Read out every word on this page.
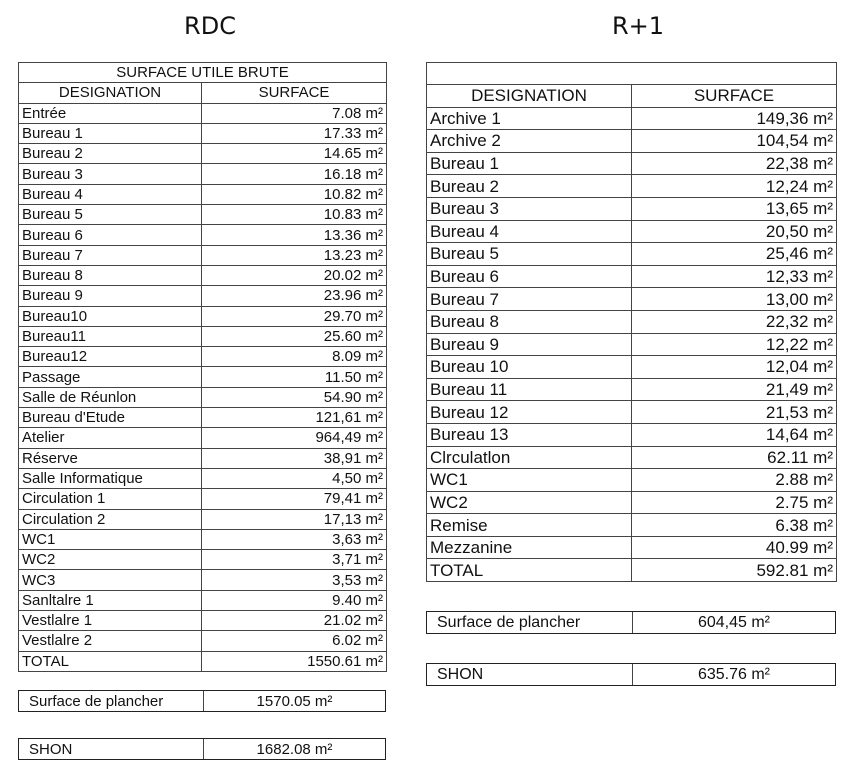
RDC	R+1
SURFACE UTILE BRUTE	
DESIGNATION	SURFACE
Entrée	7.08 m²
Bureau 1	17.33 m²
Bureau 2	14.65 m²
Bureau 3	16.18 m²
Bureau 4	10.82 m²
Bureau 5	10.83 m²
Bureau 6	13.36 m²
Bureau 7	13.23 m²
Bureau 8	20.02 m²
Bureau 9	23.96 m²
Bureau10	29.70 m²
Bureau11	25.60 m²
Bureau12	8.09 m²
Passage	11.50 m²
Salle de Réunlon	54.90 m²
Bureau d'Etude	121,61 m²
Atelier	964,49 m²
Réserve	38,91 m²
Salle Informatique	4,50 m²
Circulation 1	79,41 m²
Circulation 2	17,13 m²
WC1	3,63 m²
WC2	3,71 m²
WC3	3,53 m²
Sanltalre 1	9.40 m²
Vestlalre 1	21.02 m²
Vestlalre 2	6.02 m²
TOTAL	1550.61 m²

DESIGNATION	SURFACE
Archive 1	149,36 m²
Archive 2	104,54 m²
Bureau 1	22,38 m²
Bureau 2	12,24 m²
Bureau 3	13,65 m²
Bureau 4	20,50 m²
Bureau 5	25,46 m²
Bureau 6	12,33 m²
Bureau 7	13,00 m²
Bureau 8	22,32 m²
Bureau 9	12,22 m²
Bureau 10	12,04 m²
Bureau 11	21,49 m²
Bureau 12	21,53 m²
Bureau 13	14,64 m²
Clrculatlon	62.11 m²
WC1	2.88 m²
WC2	2.75 m²
Remise	6.38 m²
Mezzanine	40.99 m²
TOTAL	592.81 m²
Surface de plancher	1570.05 m²
SHON	1682.08 m²
Surface de plancher	604,45 m²
SHON	635.76 m²
